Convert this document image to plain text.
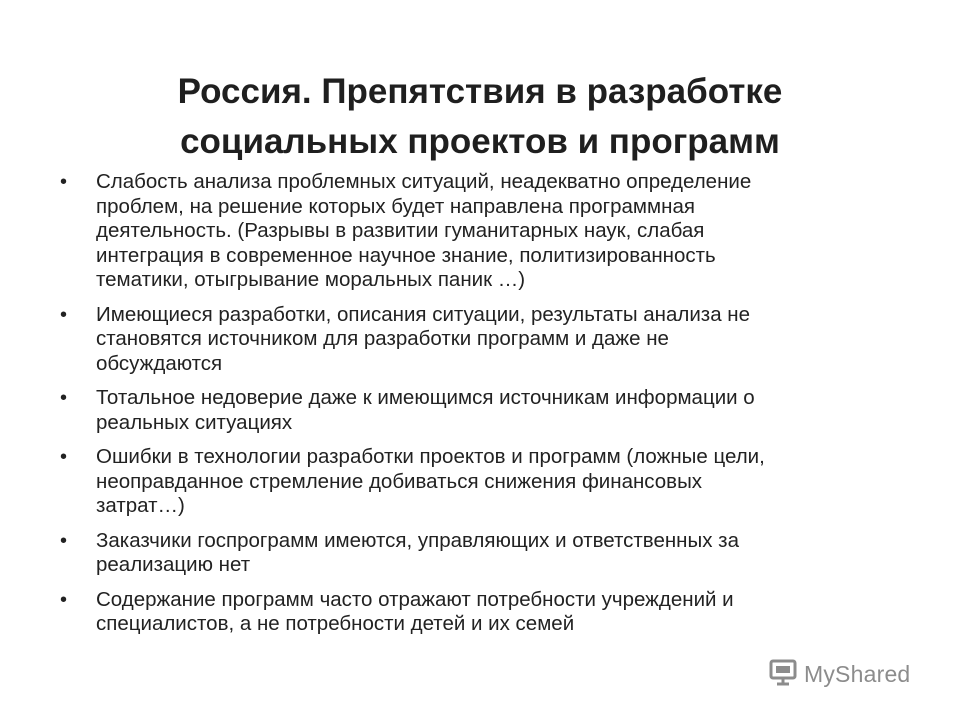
Россия. Препятствия в разработке
социальных проектов и программ
• Слабость анализа проблемных ситуаций, неадекватно определение
проблем, на решение которых будет направлена программная
деятельность. (Разрывы в развитии гуманитарных наук, слабая
интеграция в современное научное знание, политизированность
тематики, отыгрывание моральных паник …)
• Имеющиеся разработки, описания ситуации, результаты анализа не
становятся источником для разработки программ и даже не
обсуждаются
• Тотальное недоверие даже к имеющимся источникам информации о
реальных ситуациях
• Ошибки в технологии разработки проектов и программ (ложные цели,
неоправданное стремление добиваться снижения финансовых
затрат…)
• Заказчики госпрограмм имеются, управляющих и ответственных за
реализацию нет
• Содержание программ часто отражают потребности учреждений и
специалистов, а не потребности детей и их семей
MyShared
